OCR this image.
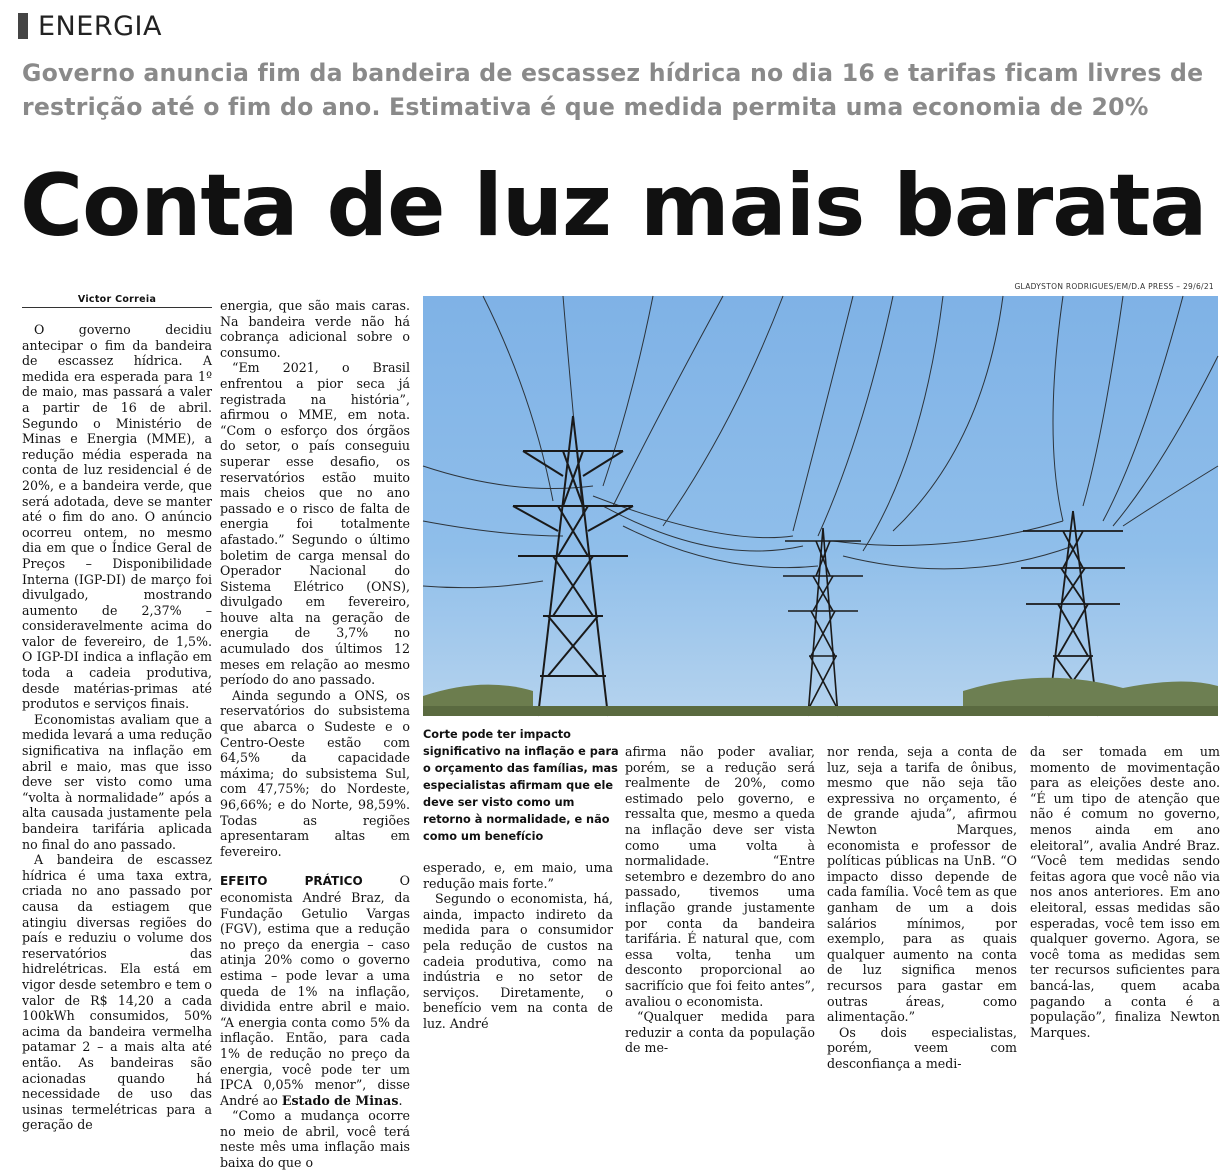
ENERGIA
Governo anuncia fim da bandeira de escassez hídrica no dia 16 e tarifas ficam livres de restrição até o fim do ano. Estimativa é que medida permita uma economia de 20%
Conta de luz mais barata
GLADYSTON RODRIGUES/EM/D.A PRESS – 29/6/21
Victor Correia

O governo decidiu antecipar o fim da bandeira de escassez hídrica. A medida era esperada para 1º de maio, mas passará a valer a partir de 16 de abril. Segundo o Ministério de Minas e Energia (MME), a redução média esperada na conta de luz residencial é de 20%, e a bandeira verde, que será adotada, deve se manter até o fim do ano. O anúncio ocorreu ontem, no mesmo dia em que o Índice Geral de Preços – Disponibilidade Interna (IGP-DI) de março foi divulgado, mostrando aumento de 2,37% – consideravelmente acima do valor de fevereiro, de 1,5%. O IGP-DI indica a inflação em toda a cadeia produtiva, desde matérias-primas até produtos e serviços finais.

Economistas avaliam que a medida levará a uma redução significativa na inflação em abril e maio, mas que isso deve ser visto como uma “volta à normalidade” após a alta causada justamente pela bandeira tarifária aplicada no final do ano passado.

A bandeira de escassez hídrica é uma taxa extra, criada no ano passado por causa da estiagem que atingiu diversas regiões do país e reduziu o volume dos reservatórios das hidrelétricas. Ela está em vigor desde setembro e tem o valor de R$ 14,20 a cada 100kWh consumidos, 50% acima da bandeira vermelha patamar 2 – a mais alta até então. As bandeiras são acionadas quando há necessidade de uso das usinas termelétricas para a geração de

energia, que são mais caras. Na bandeira verde não há cobrança adicional sobre o consumo.

“Em 2021, o Brasil enfrentou a pior seca já registrada na história”, afirmou o MME, em nota. “Com o esforço dos órgãos do setor, o país conseguiu superar esse desafio, os reservatórios estão muito mais cheios que no ano passado e o risco de falta de energia foi totalmente afastado.” Segundo o último boletim de carga mensal do Operador Nacional do Sistema Elétrico (ONS), divulgado em fevereiro, houve alta na geração de energia de 3,7% no acumulado dos últimos 12 meses em relação ao mesmo período do ano passado.

Ainda segundo a ONS, os reservatórios do subsistema que abarca o Sudeste e o Centro-Oeste estão com 64,5% da capacidade máxima; do subsistema Sul, com 47,75%; do Nordeste, 96,66%; e do Norte, 98,59%. Todas as regiões apresentaram altas em fevereiro.

EFEITO PRÁTICO O economista André Braz, da Fundação Getulio Vargas (FGV), estima que a redução no preço da energia – caso atinja 20% como o governo estima – pode levar a uma queda de 1% na inflação, dividida entre abril e maio. “A energia conta como 5% da inflação. Então, para cada 1% de redução no preço da energia, você pode ter um IPCA 0,05% menor”, disse André ao Estado de Minas.

“Como a mudança ocorre no meio de abril, você terá neste mês uma inflação mais baixa do que o

Corte pode ter impacto significativo na inflação e para o orçamento das famílias, mas especialistas afirmam que ele deve ser visto como um retorno à normalidade, e não como um benefício

esperado, e, em maio, uma redução mais forte.”

Segundo o economista, há, ainda, impacto indireto da medida para o consumidor pela redução de custos na cadeia produtiva, como na indústria e no setor de serviços. Diretamente, o benefício vem na conta de luz. André

afirma não poder avaliar, porém, se a redução será realmente de 20%, como estimado pelo governo, e ressalta que, mesmo a queda na inflação deve ser vista como uma volta à normalidade. “Entre setembro e dezembro do ano passado, tivemos uma inflação grande justamente por conta da bandeira tarifária. É natural que, com essa volta, tenha um desconto proporcional ao sacrifício que foi feito antes”, avaliou o economista.

“Qualquer medida para reduzir a conta da população de me-

nor renda, seja a conta de luz, seja a tarifa de ônibus, mesmo que não seja tão expressiva no orçamento, é de grande ajuda”, afirmou Newton Marques, economista e professor de políticas públicas na UnB. “O impacto disso depende de cada família. Você tem as que ganham de um a dois salários mínimos, por exemplo, para as quais qualquer aumento na conta de luz significa menos recursos para gastar em outras áreas, como alimentação.”

Os dois especialistas, porém, veem com desconfiança a medi-

da ser tomada em um momento de movimentação para as eleições deste ano. “É um tipo de atenção que não é comum no governo, menos ainda em ano eleitoral”, avalia André Braz. “Você tem medidas sendo feitas agora que você não via nos anos anteriores. Em ano eleitoral, essas medidas são esperadas, você tem isso em qualquer governo. Agora, se você toma as medidas sem ter recursos suficientes para bancá-las, quem acaba pagando a conta é a população”, finaliza Newton Marques.
